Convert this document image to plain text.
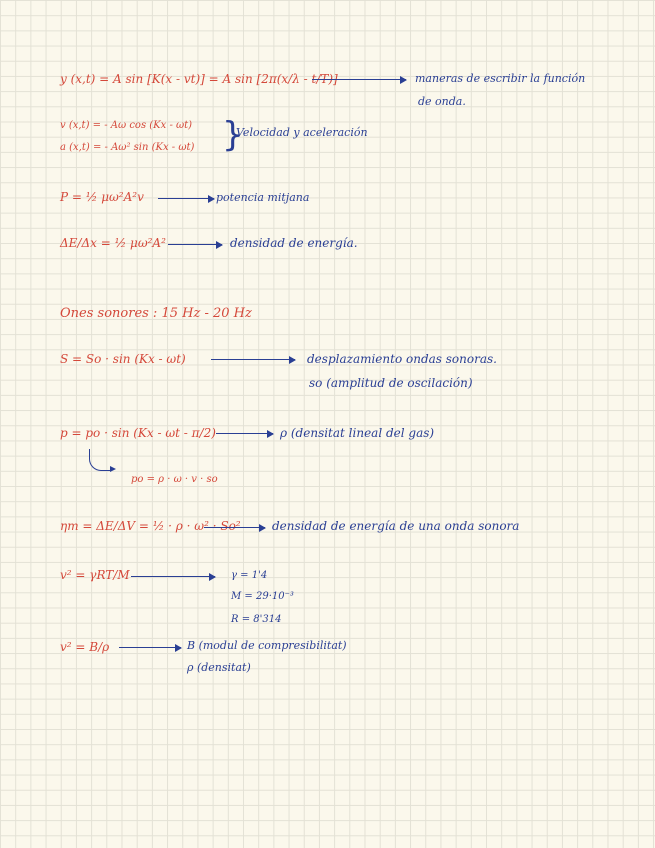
y (x,t) = A sin [K(x - vt)] = A sin [2π(x/λ - t/T)]	maneras de escribir la función
de onda.
v (x,t) = - Aω cos (Kx - ωt)
a (x,t) = - Aω² sin (Kx - ωt) }
Velocidad y aceleración
P = ½ μω²A²v	potencia mitjana
ΔE/Δx = ½ μω²A²	densidad de energía.
Ones sonores : 15 Hz - 20 Hz
S = So · sin (Kx - ωt)	desplazamiento ondas sonoras.
so (amplitud de oscilación)
p = po · sin (Kx - ωt - π/2)	ρ (densitat lineal del gas)
po = ρ · ω · v · so
ηm = ΔE/ΔV = ½ · ρ · ω² · So²	densidad de energía de una onda sonora
v² = γRT/M	γ = 1'4
M = 29·10⁻³
R = 8'314
v² = B/ρ	B (modul de compresibilitat)
ρ (densitat)
